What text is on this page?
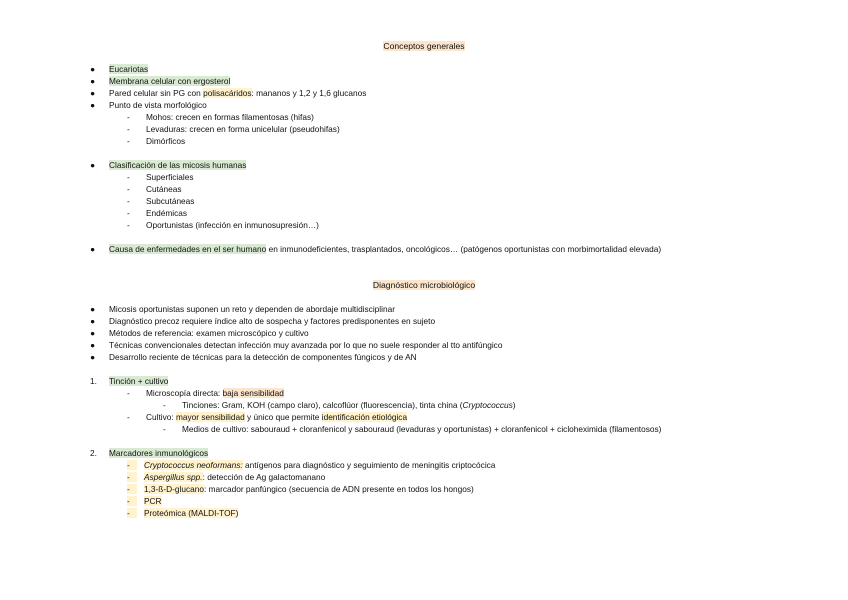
Conceptos generales
●	Eucariotas
●	Membrana celular con ergosterol
●	Pared celular sin PG con polisacáridos: mananos y 1,2 y 1,6 glucanos
●	Punto de vista morfológico
-	Mohos: crecen en formas filamentosas (hifas)
-	Levaduras: crecen en forma unicelular (pseudohifas)
-	Dimórficos
●	Clasificación de las micosis humanas
-	Superficiales
-	Cutáneas
-	Subcutáneas
-	Endémicas
-	Oportunistas (infección en inmunosupresión…)
●	Causa de enfermedades en el ser humano en inmunodeficientes, trasplantados, oncológicos… (patógenos oportunistas con morbimortalidad elevada)
Diagnóstico microbiológico
●	Micosis oportunistas suponen un reto y dependen de abordaje multidisciplinar
●	Diagnóstico precoz requiere índice alto de sospecha y factores predisponentes en sujeto
●	Métodos de referencia: examen microscópico y cultivo
●	Técnicas convencionales detectan infección muy avanzada por lo que no suele responder al tto antifúngico
●	Desarrollo reciente de técnicas para la detección de componentes fúngicos y de AN
1.	Tinción + cultivo
-	Microscopía directa: baja sensibilidad
-	Tinciones: Gram, KOH (campo claro), calcoflúor (fluorescencia), tinta china (Cryptococcus)
-	Cultivo: mayor sensibilidad y único que permite identificación etiológica
-	Medios de cultivo: sabouraud + cloranfenicol y sabouraud (levaduras y oportunistas) + cloranfenicol + cicloheximida (filamentosos)
2.	Marcadores inmunológicos
-	Cryptococcus neoformans: antígenos para diagnóstico y seguimiento de meningitis criptocócica
-	Aspergillus spp.: detección de Ag galactomanano
-	1,3-ß-D-glucano: marcador panfúngico (secuencia de ADN presente en todos los hongos)
-	PCR
-	Proteómica (MALDI-TOF)
